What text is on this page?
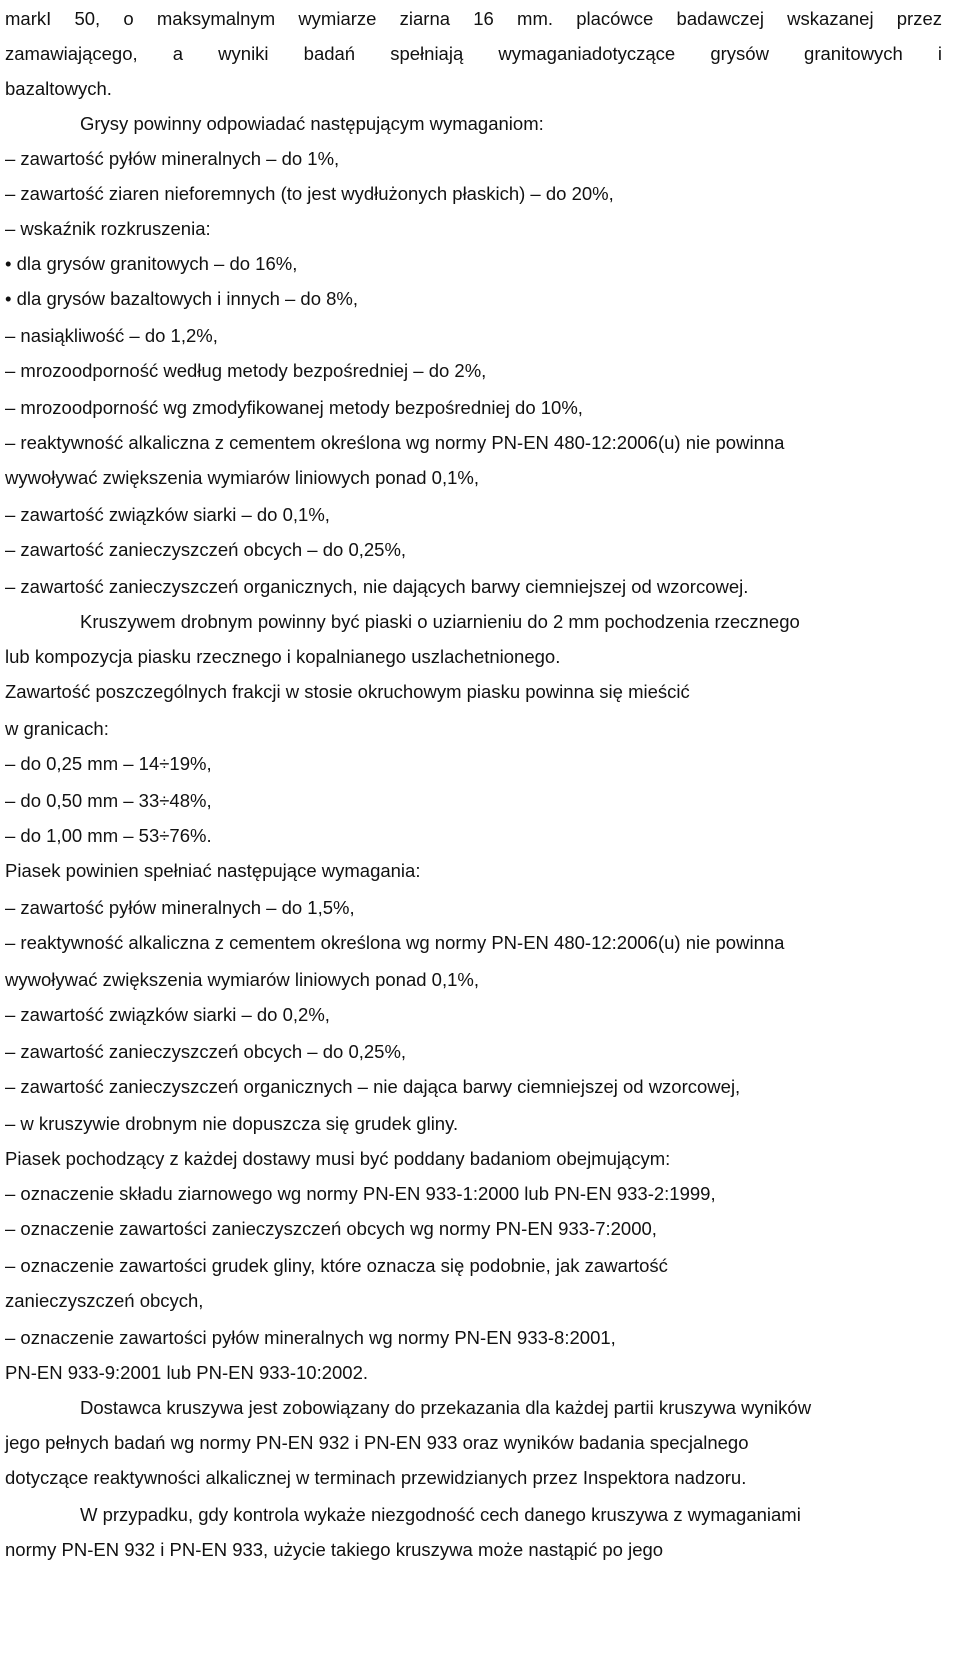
markI 50, o maksymalnym wymiarze ziarna 16 mm. placówce badawczej wskazanej przez
zamawiającego, a wyniki badań spełniają wymaganiadotyczące grysów granitowych i
bazaltowych.
Grysy powinny odpowiadać następującym wymaganiom:
– zawartość pyłów mineralnych – do 1%,
– zawartość ziaren nieforemnych (to jest wydłużonych płaskich) – do 20%,
– wskaźnik rozkruszenia:
• dla grysów granitowych – do 16%,
• dla grysów bazaltowych i innych – do 8%,
– nasiąkliwość – do 1,2%,
– mrozoodporność według metody bezpośredniej – do 2%,
– mrozoodporność wg zmodyfikowanej metody bezpośredniej do 10%,
– reaktywność alkaliczna z cementem określona wg normy PN-EN 480-12:2006(u) nie powinna
wywoływać zwiększenia wymiarów liniowych ponad 0,1%,
– zawartość związków siarki – do 0,1%,
– zawartość zanieczyszczeń obcych – do 0,25%,
– zawartość zanieczyszczeń organicznych, nie dających barwy ciemniejszej od wzorcowej.
Kruszywem drobnym powinny być piaski o uziarnieniu do 2 mm pochodzenia rzecznego
lub kompozycja piasku rzecznego i kopalnianego uszlachetnionego.
Zawartość poszczególnych frakcji w stosie okruchowym piasku powinna się mieścić
w granicach:
– do 0,25 mm – 14÷19%,
– do 0,50 mm – 33÷48%,
– do 1,00 mm – 53÷76%.
Piasek powinien spełniać następujące wymagania:
– zawartość pyłów mineralnych – do 1,5%,
– reaktywność alkaliczna z cementem określona wg normy PN-EN 480-12:2006(u) nie powinna
wywoływać zwiększenia wymiarów liniowych ponad 0,1%,
– zawartość związków siarki – do 0,2%,
– zawartość zanieczyszczeń obcych – do 0,25%,
– zawartość zanieczyszczeń organicznych – nie dająca barwy ciemniejszej od wzorcowej,
– w kruszywie drobnym nie dopuszcza się grudek gliny.
Piasek pochodzący z każdej dostawy musi być poddany badaniom obejmującym:
– oznaczenie składu ziarnowego wg normy PN-EN 933-1:2000 lub PN-EN 933-2:1999,
– oznaczenie zawartości zanieczyszczeń obcych wg normy PN-EN 933-7:2000,
– oznaczenie zawartości grudek gliny, które oznacza się podobnie, jak zawartość
zanieczyszczeń obcych,
– oznaczenie zawartości pyłów mineralnych wg normy PN-EN 933-8:2001,
PN-EN 933-9:2001 lub PN-EN 933-10:2002.
Dostawca kruszywa jest zobowiązany do przekazania dla każdej partii kruszywa wyników
jego pełnych badań wg normy PN-EN 932 i PN-EN 933 oraz wyników badania specjalnego
dotyczące reaktywności alkalicznej w terminach przewidzianych przez Inspektora nadzoru.
W przypadku, gdy kontrola wykaże niezgodność cech danego kruszywa z wymaganiami
normy PN-EN 932 i PN-EN 933, użycie takiego kruszywa może nastąpić po jego
